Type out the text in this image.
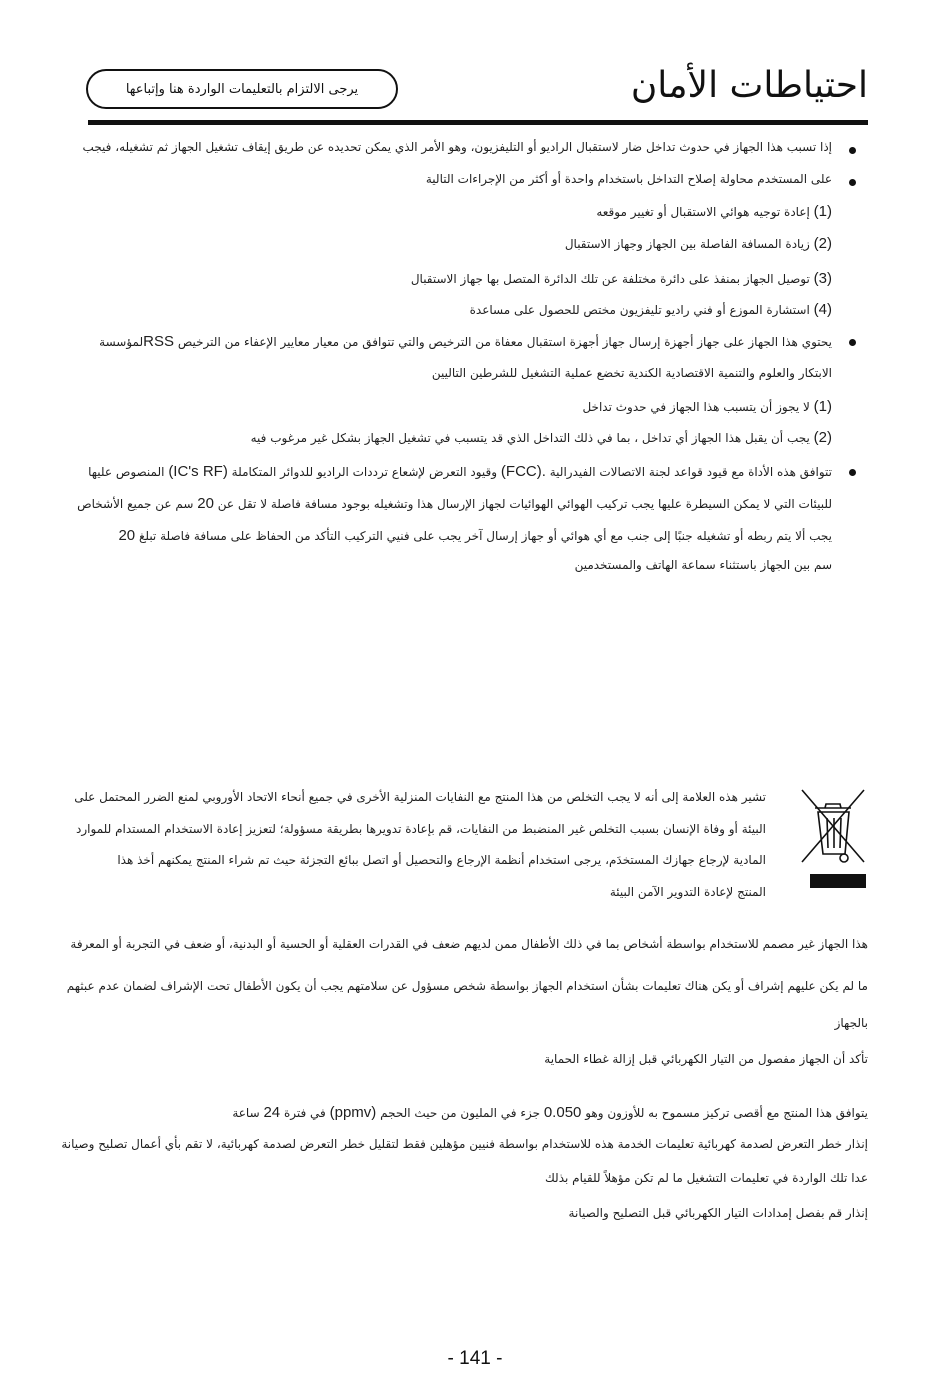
احتياطات الأمان
يرجى الالتزام بالتعليمات الواردة هنا وإتباعها
إذا تسبب هذا الجهاز في حدوث تداخل ضار لاستقبال الراديو أو التليفزيون، وهو الأمر الذي يمكن تحديده عن طريق إيقاف تشغيل الجهاز ثم تشغيله، فيجب
على المستخدم محاولة إصلاح التداخل باستخدام واحدة أو أكثر من الإجراءات التالية
(1) إعادة توجيه هوائي الاستقبال أو تغيير موقعه
(2) زيادة المسافة الفاصلة بين الجهاز وجهاز الاستقبال
(3) توصيل الجهاز بمنفذ على دائرة مختلفة عن تلك الدائرة المتصل بها جهاز الاستقبال
(4) استشارة الموزع أو فني راديو تليفزيون مختص للحصول على مساعدة
يحتوي هذا الجهاز على جهاز أجهزة إرسال جهاز أجهزة استقبال معفاة من الترخيص والتي تتوافق من معيار معايير الإعفاء من الترخيص RSSلمؤسسة
الابتكار والعلوم والتنمية الاقتصادية الكندية تخضع عملية التشغيل للشرطين التاليين
(1) لا يجوز أن يتسبب هذا الجهاز في حدوث تداخل
(2) يجب أن يقبل هذا الجهاز أي تداخل ، بما في ذلك التداخل الذي قد يتسبب في تشغيل الجهاز بشكل غير مرغوب فيه
تتوافق هذه الأداة مع قيود قواعد لجنة الاتصالات الفيدرالية (FCC). وقيود التعرض لإشعاع ترددات الراديو للدوائر المتكاملة (IC's RF) المنصوص عليها
للبيئات التي لا يمكن السيطرة عليها يجب تركيب الهوائي الهوائيات لجهاز الإرسال هذا وتشغيله بوجود مسافة فاصلة لا تقل عن 20 سم عن جميع الأشخاص
يجب ألا يتم ربطه أو تشغيله جنبًا إلى جنب مع أي هوائي أو جهاز إرسال آخر يجب على فنيي التركيب التأكد من الحفاظ على مسافة فاصلة تبلغ 20
سم بين الجهاز باستثناء سماعة الهاتف والمستخدمين
تشير هذه العلامة إلى أنه لا يجب التخلص من هذا المنتج مع النفايات المنزلية الأخرى في جميع أنحاء الاتحاد الأوروبي لمنع الضرر المحتمل على
البيئة أو وفاة الإنسان بسبب التخلص غير المنضبط من النفايات، قم بإعادة تدويرها بطريقة مسؤولة؛ لتعزيز إعادة الاستخدام المستدام للموارد
المادية لإرجاع جهازك المستخدَم، يرجى استخدام أنظمة الإرجاع والتحصيل أو اتصل ببائع التجزئة حيث تم شراء المنتج يمكنهم أخذ هذا
المنتج لإعادة التدوير الآمن البيئة
هذا الجهاز غير مصمم للاستخدام بواسطة أشخاص بما في ذلك الأطفال ممن لديهم ضعف في القدرات العقلية أو الحسية أو البدنية، أو ضعف في التجربة أو المعرفة
ما لم يكن عليهم إشراف أو يكن هناك تعليمات بشأن استخدام الجهاز بواسطة شخص مسؤول عن سلامتهم يجب أن يكون الأطفال تحت الإشراف لضمان عدم عبثهم
بالجهاز
تأكد أن الجهاز مفصول من التيار الكهربائي قبل إزالة غطاء الحماية
يتوافق هذا المنتج مع أقصى تركيز مسموح به للأوزون وهو 0.050 جزء في المليون من حيث الحجم (ppmv) في فترة 24 ساعة
إنذار خطر التعرض لصدمة كهربائية تعليمات الخدمة هذه للاستخدام بواسطة فنيين مؤهلين فقط لتقليل خطر التعرض لصدمة كهربائية، لا تقم بأي أعمال تصليح وصيانة
عدا تلك الواردة في تعليمات التشغيل ما لم تكن مؤهلاً للقيام بذلك
إنذار قم بفصل إمدادات التيار الكهربائي قبل التصليح والصيانة
- 141 -
